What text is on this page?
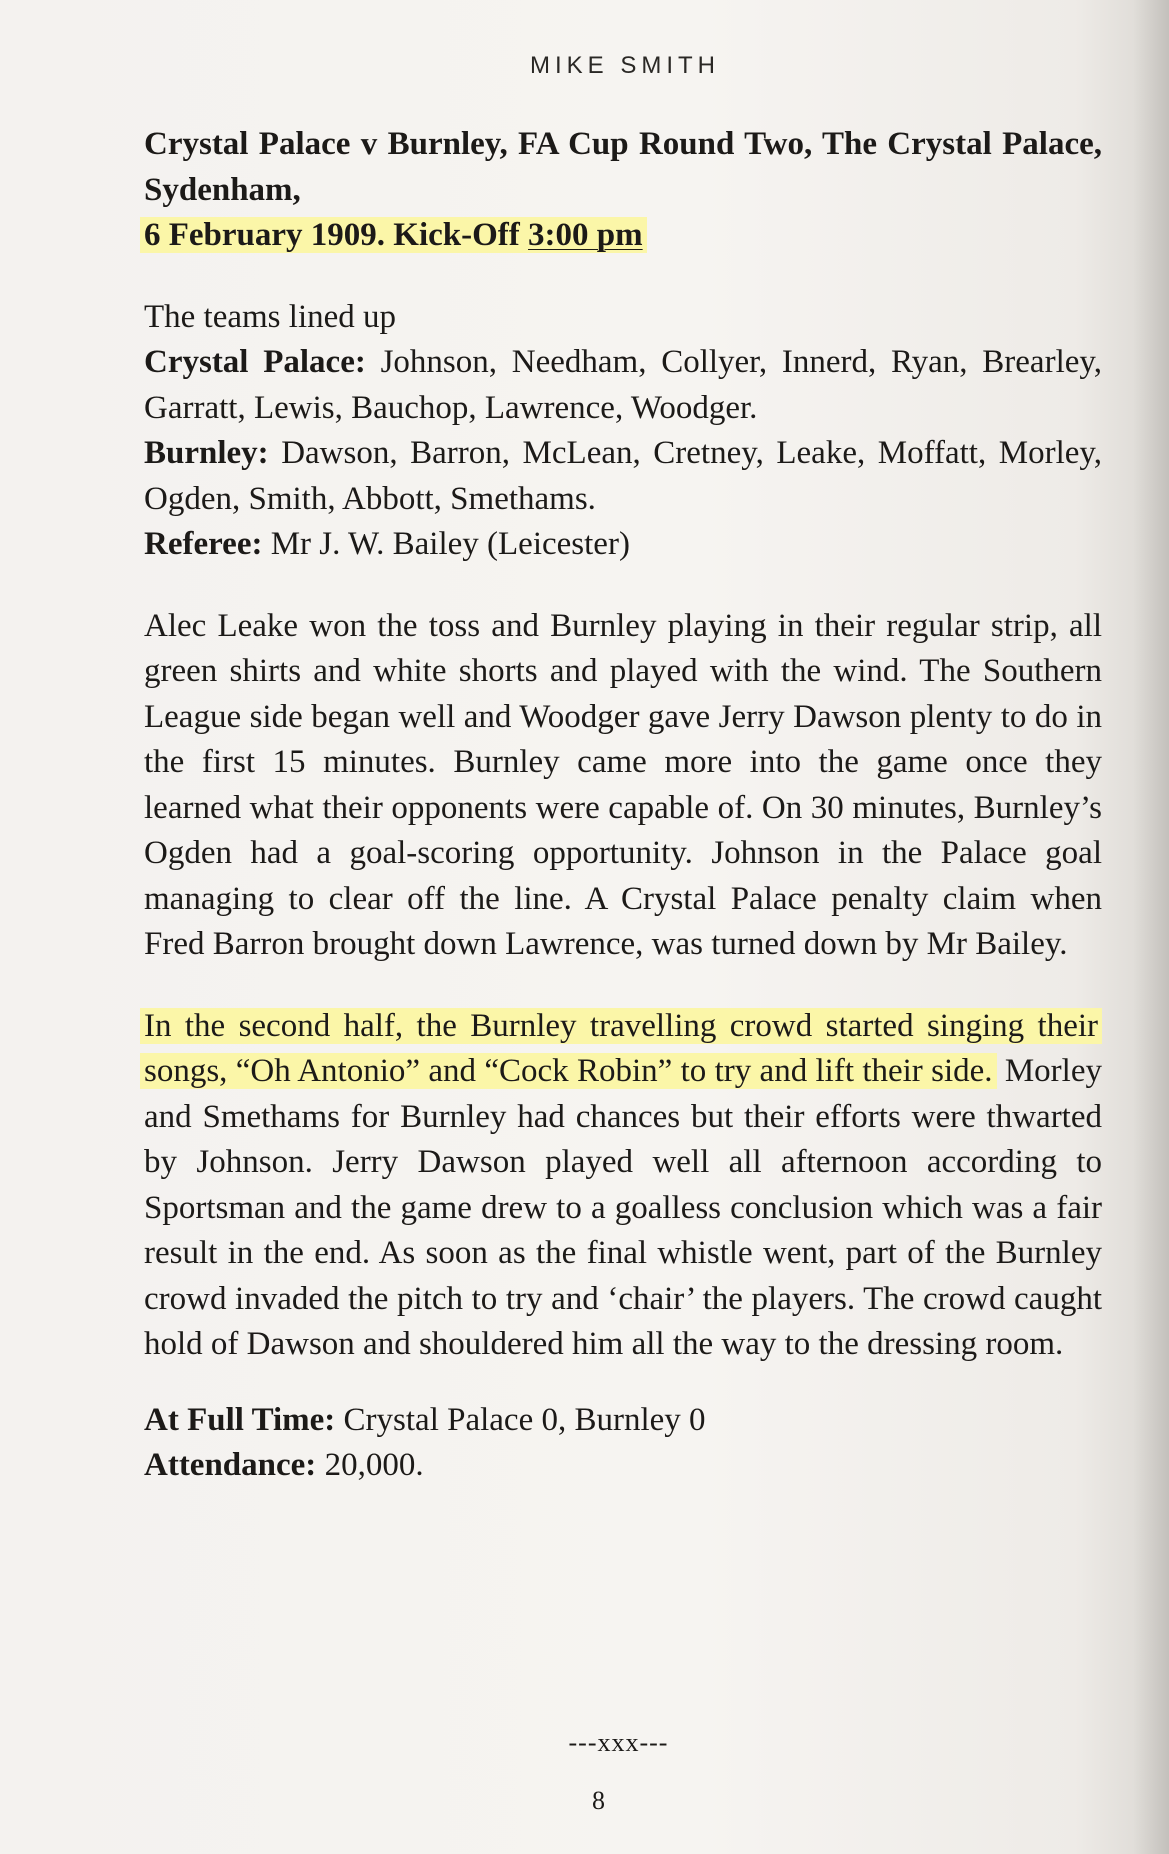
MIKE SMITH

Crystal Palace v Burnley, FA Cup Round Two, The Crystal Palace, Sydenham,

6 February 1909. Kick-Off 3:00 pm

The teams lined up

Crystal Palace: Johnson, Needham, Collyer, Innerd, Ryan, Brearley, Garratt, Lewis, Bauchop, Lawrence, Woodger.

Burnley: Dawson, Barron, McLean, Cretney, Leake, Moffatt, Morley, Ogden, Smith, Abbott, Smethams.

Referee: Mr J. W. Bailey (Leicester)

Alec Leake won the toss and Burnley playing in their regular strip, all green shirts and white shorts and played with the wind. The Southern League side began well and Woodger gave Jerry Dawson plenty to do in the first 15 minutes. Burnley came more into the game once they learned what their opponents were capable of. On 30 minutes, Burnley’s Ogden had a goal-scoring opportunity. Johnson in the Palace goal managing to clear off the line. A Crystal Palace penalty claim when Fred Barron brought down Lawrence, was turned down by Mr Bailey.

In the second half, the Burnley travelling crowd started singing their songs, “Oh Antonio” and “Cock Robin” to try and lift their side. Morley and Smethams for Burnley had chances but their efforts were thwarted by Johnson. Jerry Dawson played well all afternoon according to Sportsman and the game drew to a goalless conclusion which was a fair result in the end. As soon as the final whistle went, part of the Burnley crowd invaded the pitch to try and ‘chair’ the players. The crowd caught hold of Dawson and shouldered him all the way to the dressing room.

At Full Time: Crystal Palace 0, Burnley 0

Attendance: 20,000.

---xxx---
8
